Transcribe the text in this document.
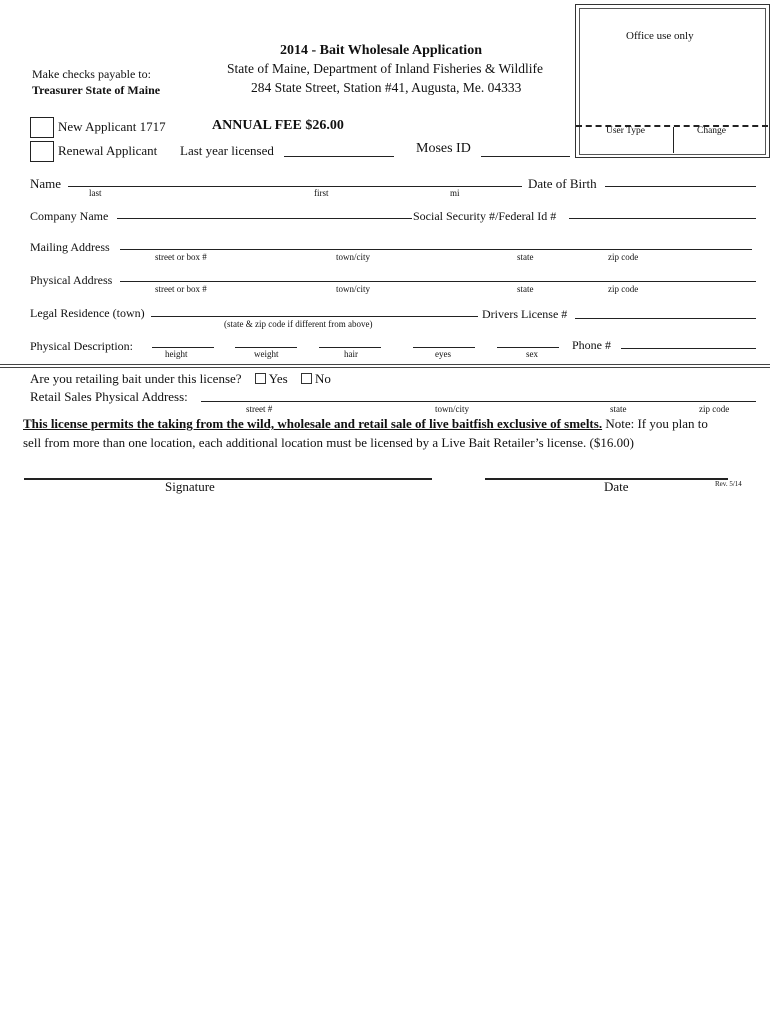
Office use only
User Type	Change
Make checks payable to:
Treasurer State of Maine
2014 - Bait Wholesale Application
State of Maine, Department of Inland Fisheries & Wildlife
284 State Street, Station #41, Augusta, Me. 04333
New Applicant 1717	ANNUAL FEE $26.00
Renewal Applicant Last year licensed	Moses ID
Name
last	first	mi
Date of Birth
Company Name	Social Security #/Federal Id #
Mailing Address
street or box #	town/city	state	zip code
Physical Address
street or box #	town/city	state	zip code
Legal Residence (town)
(state & zip code if different from above)
Drivers License #
Physical Description:
height	weight	hair	eyes	sex
Phone #
Are you retailing bait under this license? Yes No
Retail Sales Physical Address:
street #	town/city	state	zip code
This license permits the taking from the wild, wholesale and retail sale of live baitfish exclusive of smelts. Note: If you plan to
sell from more than one location, each additional location must be licensed by a Live Bait Retailer’s license. ($16.00)
Signature	Date	Rev. 5/14
